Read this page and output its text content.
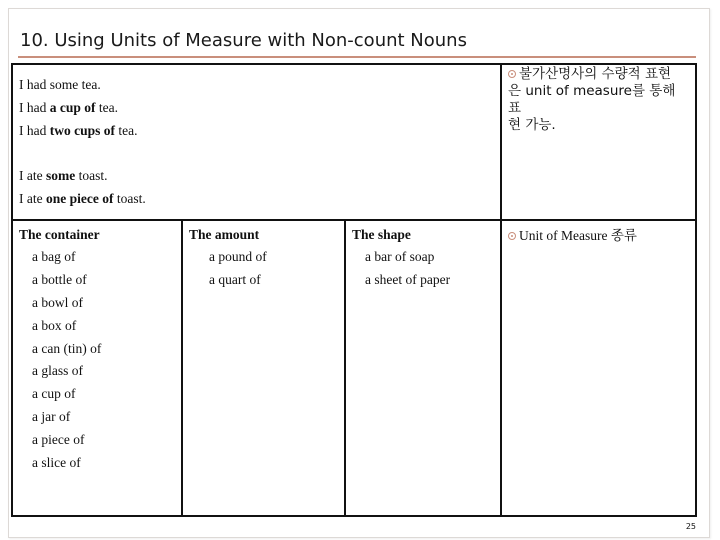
10. Using Units of Measure with Non-count Nouns
I had some tea.
I had a cup of tea.
I had two cups of tea.
I ate some toast.
I ate one piece of toast.
불가산명사의 수량적 표현
은 unit of measure를 통해 표
현 가능.
Unit of Measure 종류
The container	The amount	The shape
a bag of
a bottle of
a bowl of
a box of
a can (tin) of
a glass of
a cup of
a jar of
a piece of
a slice of
a pound of
a quart of
a bar of soap
a sheet of paper
25
